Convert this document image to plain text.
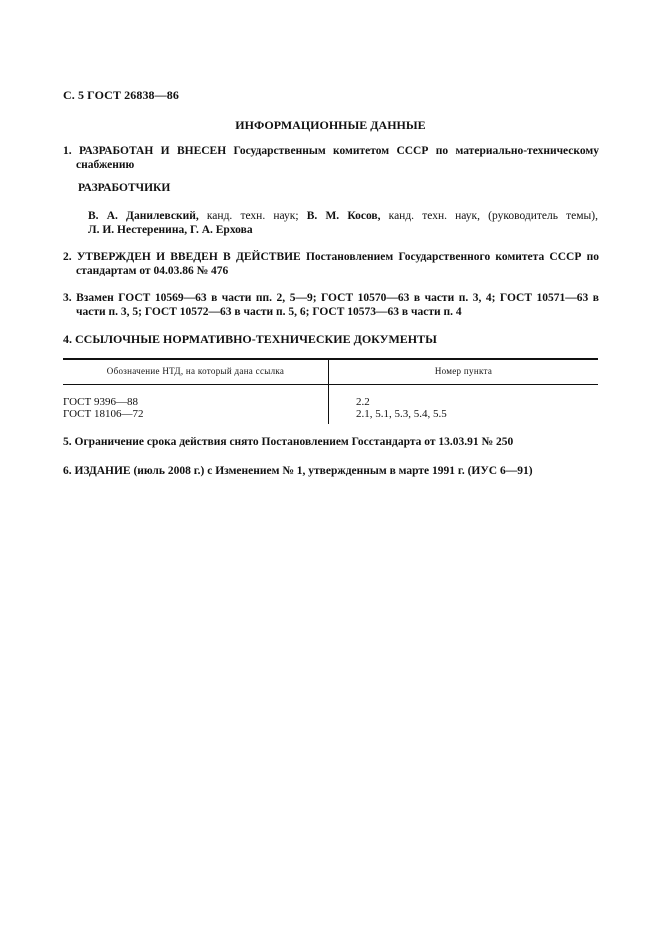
С. 5 ГОСТ 26838—86
ИНФОРМАЦИОННЫЕ ДАННЫЕ
1. РАЗРАБОТАН И ВНЕСЕН Государственным комитетом СССР по материально-техническому
снабжению
РАЗРАБОТЧИКИ
В. А. Данилевский, канд. техн. наук; В. М. Косов, канд. техн. наук, (руководитель темы),
Л. И. Нестеренина, Г. А. Ерхова
2. УТВЕРЖДЕН И ВВЕДЕН В ДЕЙСТВИЕ Постановлением Государственного комитета СССР по
стандартам от 04.03.86 № 476
3. Взамен ГОСТ 10569—63 в части пп. 2, 5—9; ГОСТ 10570—63 в части п. 3, 4; ГОСТ 10571—63 в
части п. 3, 5; ГОСТ 10572—63 в части п. 5, 6; ГОСТ 10573—63 в части п. 4
4. ССЫЛОЧНЫЕ НОРМАТИВНО-ТЕХНИЧЕСКИЕ ДОКУМЕНТЫ
Обозначение НТД, на который дана ссылка	Номер пункта
ГОСТ 9396—88	2.2
ГОСТ 18106—72	2.1, 5.1, 5.3, 5.4, 5.5
5. Ограничение срока действия снято Постановлением Госстандарта от 13.03.91 № 250
6. ИЗДАНИЕ (июль 2008 г.) с Изменением № 1, утвержденным в марте 1991 г. (ИУС 6—91)
